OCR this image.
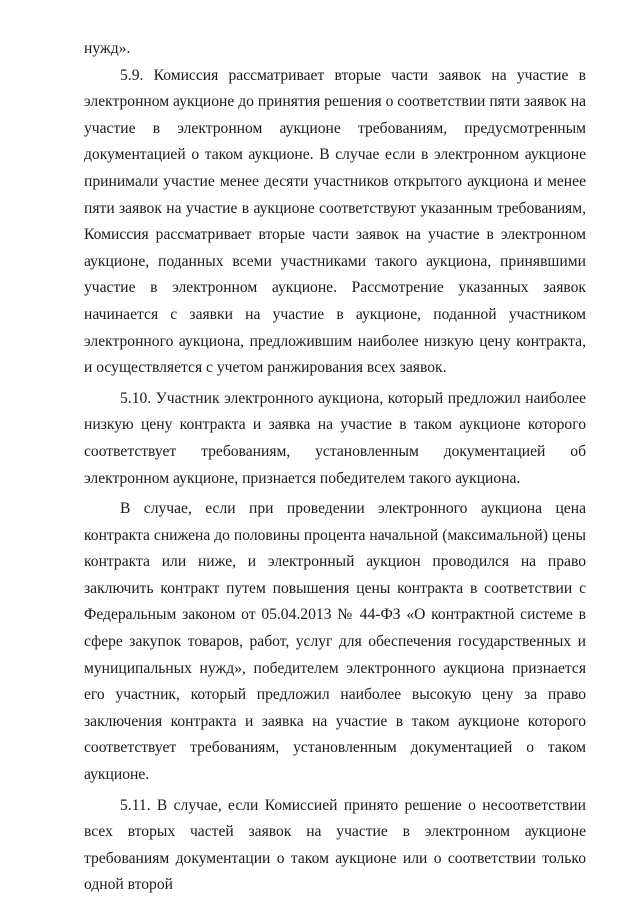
нужд».

5.9. Комиссия рассматривает вторые части заявок на участие в электронном аукционе до принятия решения о соответствии пяти заявок на участие в электронном аукционе требованиям, предусмотренным документацией о таком аукционе. В случае если в электронном аукционе принимали участие менее десяти участников открытого аукциона и менее пяти заявок на участие в аукционе соответствуют указанным требованиям, Комиссия рассматривает вторые части заявок на участие в электронном аукционе, поданных всеми участниками такого аукциона, принявшими участие в электронном аукционе. Рассмотрение указанных заявок начинается с заявки на участие в аукционе, поданной участником электронного аукциона, предложившим наиболее низкую цену контракта, и осуществляется с учетом ранжирования всех заявок.

5.10. Участник электронного аукциона, который предложил наиболее низкую цену контракта и заявка на участие в таком аукционе которого соответствует требованиям, установленным документацией об электронном аукционе, признается победителем такого аукциона.

В случае, если при проведении электронного аукциона цена контракта снижена до половины процента начальной (максимальной) цены контракта или ниже, и электронный аукцион проводился на право заключить контракт путем повышения цены контракта в соответствии с Федеральным законом от 05.04.2013 № 44-ФЗ «О контрактной системе в сфере закупок товаров, работ, услуг для обеспечения государственных и муниципальных нужд», победителем электронного аукциона признается его участник, который предложил наиболее высокую цену за право заключения контракта и заявка на участие в таком аукционе которого соответствует требованиям, установленным документацией о таком аукционе.

5.11. В случае, если Комиссией принято решение о несоответствии всех вторых частей заявок на участие в электронном аукционе требованиям документации о таком аукционе или о соответствии только одной второй
